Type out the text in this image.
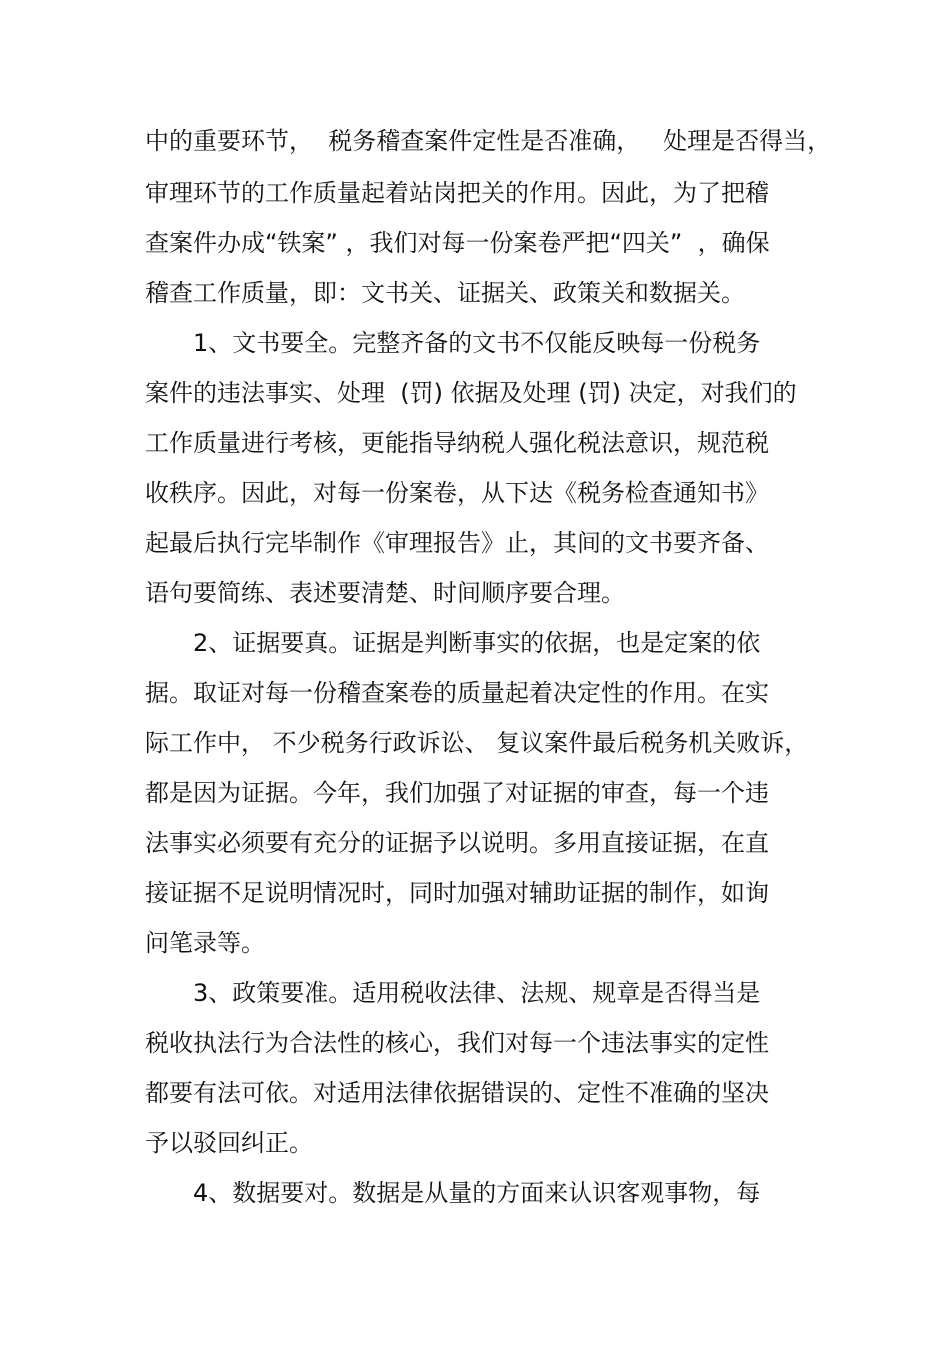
中的重要环节，  税务稽查案件定性是否准确，   处理是否得当，
审理环节的工作质量起着站岗把关的作用。因此，为了把稽
查案件办成“铁案” ，我们对每一份案卷严把“四关”  ，确保
稽查工作质量，即：文书关、证据关、政策关和数据关。
1、文书要全。完整齐备的文书不仅能反映每一份税务
案件的违法事实、处理  (罚) 依据及处理 (罚) 决定，对我们的
工作质量进行考核，更能指导纳税人强化税法意识，规范税
收秩序。因此，对每一份案卷，从下达《税务检查通知书》
起最后执行完毕制作《审理报告》止，其间的文书要齐备、
语句要简练、表述要清楚、时间顺序要合理。
2、证据要真。证据是判断事实的依据，也是定案的依
据。取证对每一份稽查案卷的质量起着决定性的作用。在实
际工作中， 不少税务行政诉讼、 复议案件最后税务机关败诉，
都是因为证据。今年，我们加强了对证据的审查，每一个违
法事实必须要有充分的证据予以说明。多用直接证据，在直
接证据不足说明情况时，同时加强对辅助证据的制作，如询
问笔录等。
3、政策要准。适用税收法律、法规、规章是否得当是
税收执法行为合法性的核心，我们对每一个违法事实的定性
都要有法可依。对适用法律依据错误的、定性不准确的坚决
予以驳回纠正。
4、数据要对。数据是从量的方面来认识客观事物，每
